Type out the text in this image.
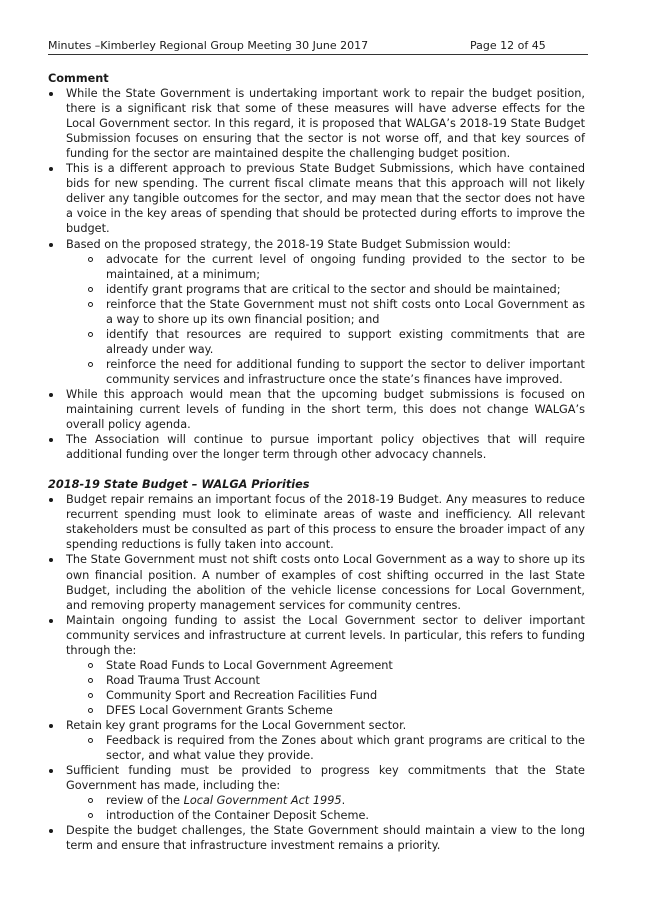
Minutes –Kimberley Regional Group Meeting 30 June 2017	Page 12 of 45

Comment

While the State Government is undertaking important work to repair the budget position, there is a significant risk that some of these measures will have adverse effects for the Local Government sector. In this regard, it is proposed that WALGA’s 2018-19 State Budget Submission focuses on ensuring that the sector is not worse off, and that key sources of funding for the sector are maintained despite the challenging budget position.
This is a different approach to previous State Budget Submissions, which have contained bids for new spending. The current fiscal climate means that this approach will not likely deliver any tangible outcomes for the sector, and may mean that the sector does not have a voice in the key areas of spending that should be protected during efforts to improve the budget.
Based on the proposed strategy, the 2018-19 State Budget Submission would:
advocate for the current level of ongoing funding provided to the sector to be maintained, at a minimum;
identify grant programs that are critical to the sector and should be maintained;
reinforce that the State Government must not shift costs onto Local Government as a way to shore up its own financial position; and
identify that resources are required to support existing commitments that are already under way.
reinforce the need for additional funding to support the sector to deliver important community services and infrastructure once the state’s finances have improved.
While this approach would mean that the upcoming budget submissions is focused on maintaining current levels of funding in the short term, this does not change WALGA’s overall policy agenda.
The Association will continue to pursue important policy objectives that will require additional funding over the longer term through other advocacy channels.

2018-19 State Budget – WALGA Priorities

Budget repair remains an important focus of the 2018-19 Budget. Any measures to reduce recurrent spending must look to eliminate areas of waste and inefficiency. All relevant stakeholders must be consulted as part of this process to ensure the broader impact of any spending reductions is fully taken into account.
The State Government must not shift costs onto Local Government as a way to shore up its own financial position. A number of examples of cost shifting occurred in the last State Budget, including the abolition of the vehicle license concessions for Local Government, and removing property management services for community centres.
Maintain ongoing funding to assist the Local Government sector to deliver important community services and infrastructure at current levels. In particular, this refers to funding through the:
State Road Funds to Local Government Agreement
Road Trauma Trust Account
Community Sport and Recreation Facilities Fund
DFES Local Government Grants Scheme
Retain key grant programs for the Local Government sector.
Feedback is required from the Zones about which grant programs are critical to the sector, and what value they provide.
Sufficient funding must be provided to progress key commitments that the State Government has made, including the:
review of the Local Government Act 1995.
introduction of the Container Deposit Scheme.
Despite the budget challenges, the State Government should maintain a view to the long term and ensure that infrastructure investment remains a priority.
